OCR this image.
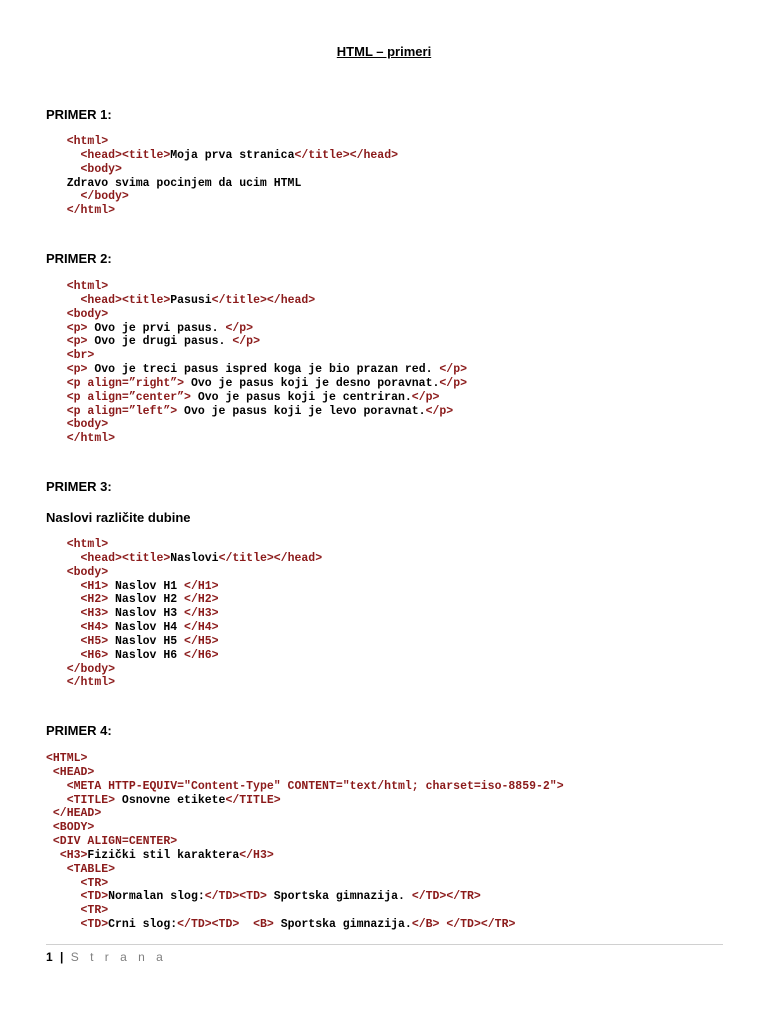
HTML – primeri
PRIMER 1:
<html>
<head><title>Moja prva stranica</title></head>
<body>
Zdravo svima pocinjem da ucim HTML
</body>
</html>
PRIMER 2:
<html>
<head><title>Pasusi</title></head>
<body>
<p> Ovo je prvi pasus. </p>
<p> Ovo je drugi pasus. </p>
<br>
<p> Ovo je treci pasus ispred koga je bio prazan red. </p>
<p align=”right”> Ovo je pasus koji je desno poravnat.</p>
<p align=”center”> Ovo je pasus koji je centriran.</p>
<p align=”left”> Ovo je pasus koji je levo poravnat.</p>
<body>
</html>
PRIMER 3:
Naslovi različite dubine
<html>
<head><title>Naslovi</title></head>
<body>
<H1> Naslov H1 </H1>
<H2> Naslov H2 </H2>
<H3> Naslov H3 </H3>
<H4> Naslov H4 </H4>
<H5> Naslov H5 </H5>
<H6> Naslov H6 </H6>
</body>
</html>
PRIMER 4:
<HTML>
<HEAD>
<META HTTP-EQUIV="Content-Type" CONTENT="text/html; charset=iso-8859-2">
<TITLE> Osnovne etikete</TITLE>
</HEAD>
<BODY>
<DIV ALIGN=CENTER>
<H3>Fizički stil karaktera</H3>
<TABLE>
<TR>
<TD>Normalan slog:</TD><TD> Sportska gimnazija. </TD></TR>
<TR>
<TD>Crni slog:</TD><TD> <B> Sportska gimnazija.</B> </TD></TR>
1 | S t r a n a
